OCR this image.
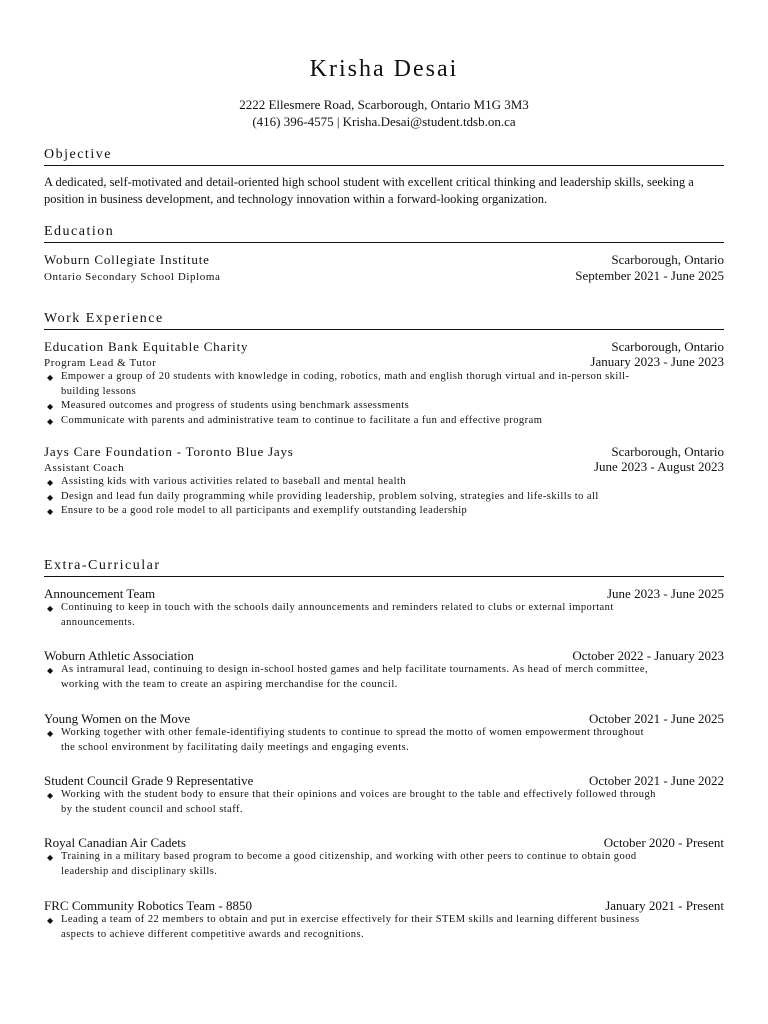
Krisha Desai
2222 Ellesmere Road, Scarborough, Ontario M1G 3M3
(416) 396-4575 | Krisha.Desai@student.tdsb.on.ca
Objective
A dedicated, self-motivated and detail-oriented high school student with excellent critical thinking and leadership skills, seeking a position in business development, and technology innovation within a forward-looking organization.
Education
Woburn Collegiate Institute	Scarborough, Ontario
Ontario Secondary School Diploma	September 2021 - June 2025
Work Experience
Education Bank Equitable Charity	Scarborough, Ontario
Program Lead & Tutor	January 2023 - June 2023
◆ Empower a group of 20 students with knowledge in coding, robotics, math and english thorugh virtual and in-person skill-building lessons
◆ Measured outcomes and progress of students using benchmark assessments
◆ Communicate with parents and administrative team to continue to facilitate a fun and effective program
Jays Care Foundation - Toronto Blue Jays	Scarborough, Ontario
Assistant Coach	June 2023 - August 2023
◆ Assisting kids with various activities related to baseball and mental health
◆ Design and lead fun daily programming while providing leadership, problem solving, strategies and life-skills to all
◆ Ensure to be a good role model to all participants and exemplify outstanding leadership
Extra-Curricular
Announcement Team	June 2023 - June 2025
◆ Continuing to keep in touch with the schools daily announcements and reminders related to clubs or external important announcements.
Woburn Athletic Association	October 2022 - January 2023
◆ As intramural lead, continuing to design in-school hosted games and help facilitate tournaments. As head of merch committee, working with the team to create an aspiring merchandise for the council.
Young Women on the Move	October 2021 - June 2025
◆ Working together with other female-identifiying students to continue to spread the motto of women empowerment throughout the school environment by facilitating daily meetings and engaging events.
Student Council Grade 9 Representative	October 2021 - June 2022
◆ Working with the student body to ensure that their opinions and voices are brought to the table and effectively followed through by the student council and school staff.
Royal Canadian Air Cadets	October 2020 - Present
◆ Training in a military based program to become a good citizenship, and working with other peers to continue to obtain good leadership and disciplinary skills.
FRC Community Robotics Team - 8850	January 2021 - Present
◆ Leading a team of 22 members to obtain and put in exercise effectively for their STEM skills and learning different business aspects to achieve different competitive awards and recognitions.
